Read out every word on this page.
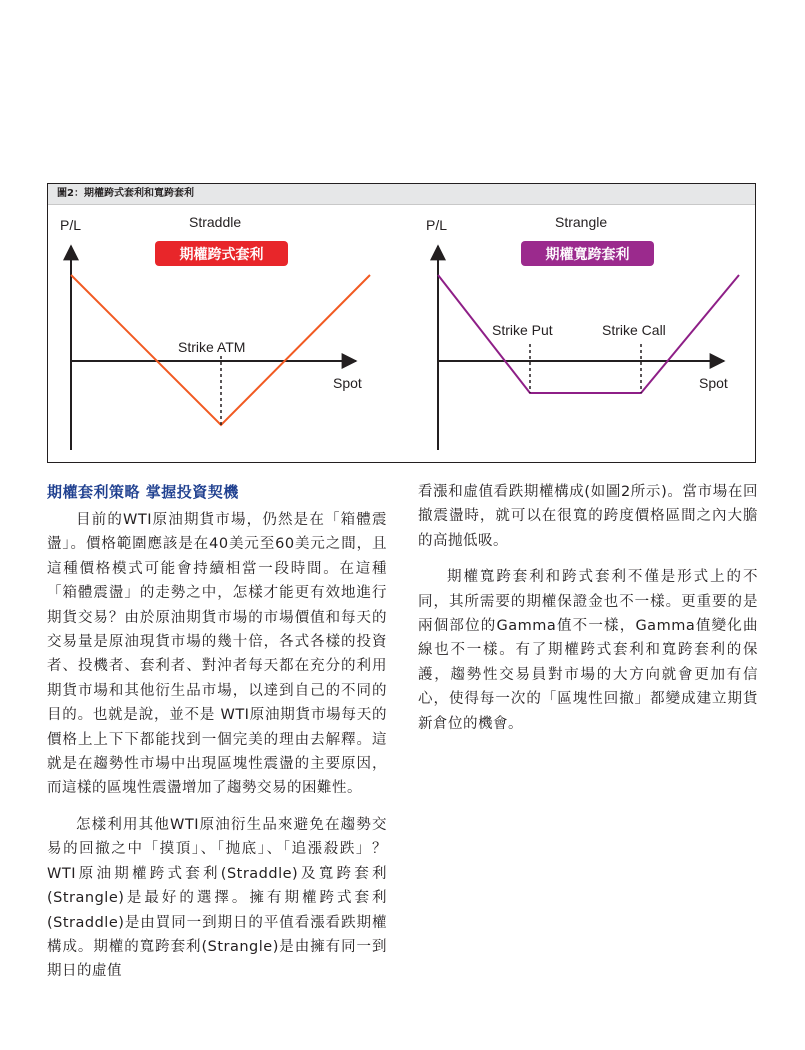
圖2：期權跨式套利和寬跨套利
P/L
Spot
Straddle
期權跨式套利
Strike ATM
P/L
Spot
Strangle
期權寬跨套利
Strike Put	Strike Call
期權套利策略 掌握投資契機

目前的WTI原油期貨市場，仍然是在「箱體震盪」。價格範圍應該是在40美元至60美元之間，且這種價格模式可能會持續相當一段時間。在這種「箱體震盪」的走勢之中，怎樣才能更有效地進行期貨交易？由於原油期貨市場的市場價值和每天的交易量是原油現貨市場的幾十倍，各式各樣的投資者、投機者、套利者、對沖者每天都在充分的利用期貨市場和其他衍生品市場，以達到自己的不同的目的。也就是說，並不是 WTI原油期貨市場每天的價格上上下下都能找到一個完美的理由去解釋。這就是在趨勢性市場中出現區塊性震盪的主要原因，而這樣的區塊性震盪增加了趨勢交易的困難性。

怎樣利用其他WTI原油衍生品來避免在趨勢交易的回撤之中「摸頂」、「抛底」、「追漲殺跌」？WTI原油期權跨式套利(Straddle)及寬跨套利(Strangle)是最好的選擇。擁有期權跨式套利(Straddle)是由買同一到期日的平值看漲看跌期權構成。期權的寬跨套利(Strangle)是由擁有同一到期日的虛值

看漲和虛值看跌期權構成(如圖2所示)。當市場在回撤震盪時，就可以在很寬的跨度價格區間之內大膽的高抛低吸。

期權寬跨套利和跨式套利不僅是形式上的不同，其所需要的期權保證金也不一樣。更重要的是兩個部位的Gamma值不一樣，Gamma值變化曲線也不一樣。有了期權跨式套利和寬跨套利的保護，趨勢性交易員對市場的大方向就會更加有信心，使得每一次的「區塊性回撤」都變成建立期貨新倉位的機會。
